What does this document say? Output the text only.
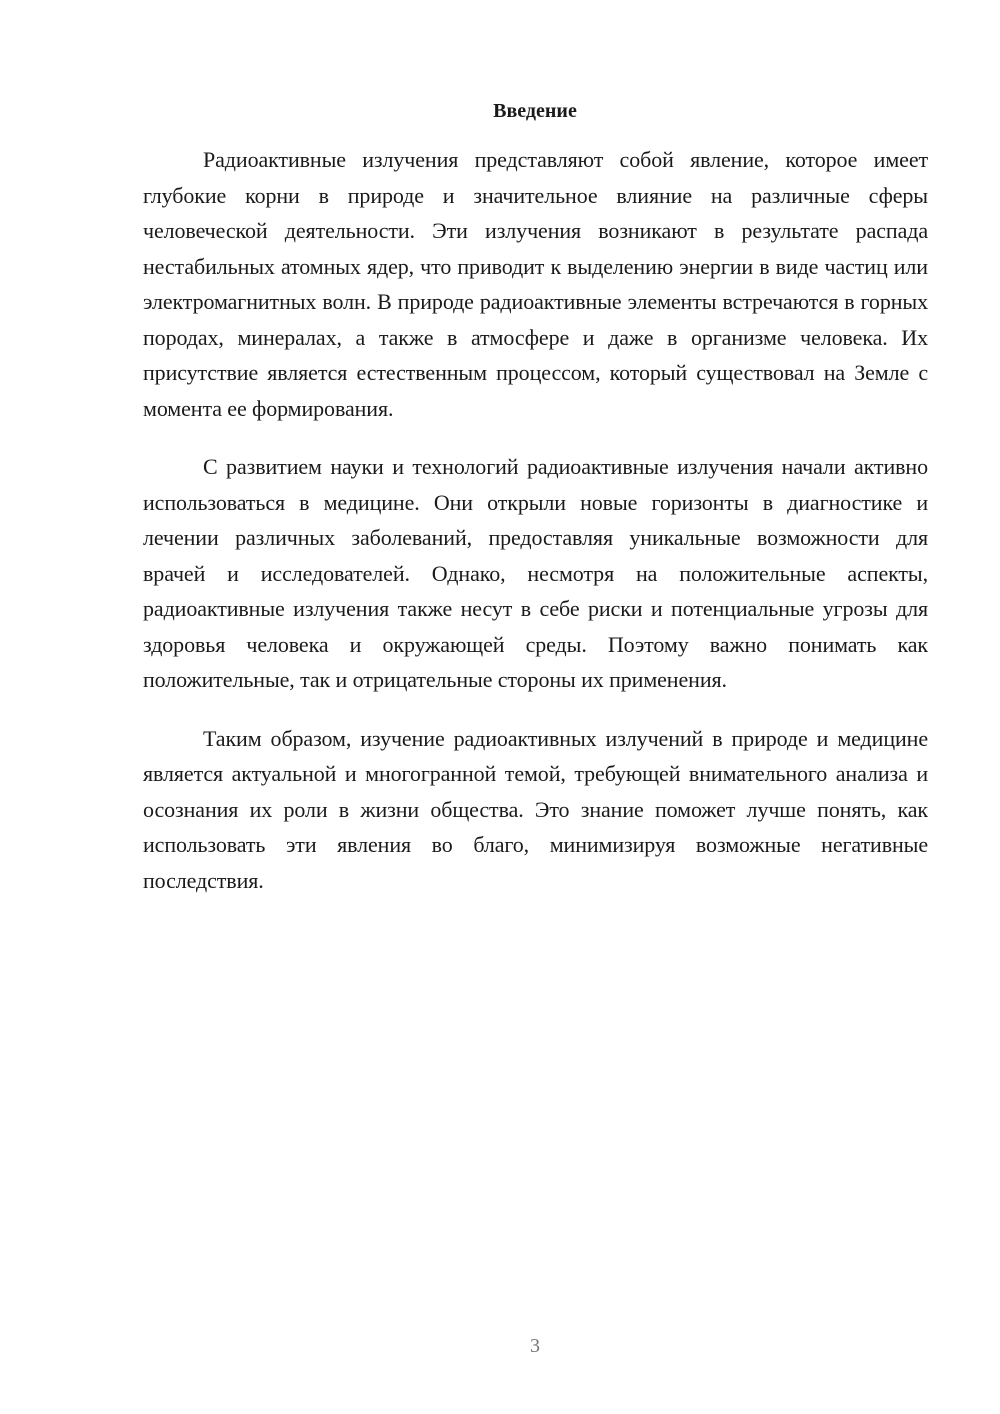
Введение

Радиоактивные излучения представляют собой явление, которое имеет глубокие корни в природе и значительное влияние на различные сферы человеческой деятельности. Эти излучения возникают в результате распада нестабильных атомных ядер, что приводит к выделению энергии в виде частиц или электромагнитных волн. В природе радиоактивные элементы встречаются в горных породах, минералах, а также в атмосфере и даже в организме человека. Их присутствие является естественным процессом, который существовал на Земле с момента ее формирования.

С развитием науки и технологий радиоактивные излучения начали активно использоваться в медицине. Они открыли новые горизонты в диагностике и лечении различных заболеваний, предоставляя уникальные возможности для врачей и исследователей. Однако, несмотря на положительные аспекты, радиоактивные излучения также несут в себе риски и потенциальные угрозы для здоровья человека и окружающей среды. Поэтому важно понимать как положительные, так и отрицательные стороны их применения.

Таким образом, изучение радиоактивных излучений в природе и медицине является актуальной и многогранной темой, требующей внимательного анализа и осознания их роли в жизни общества. Это знание поможет лучше понять, как использовать эти явления во благо, минимизируя возможные негативные последствия.

3
